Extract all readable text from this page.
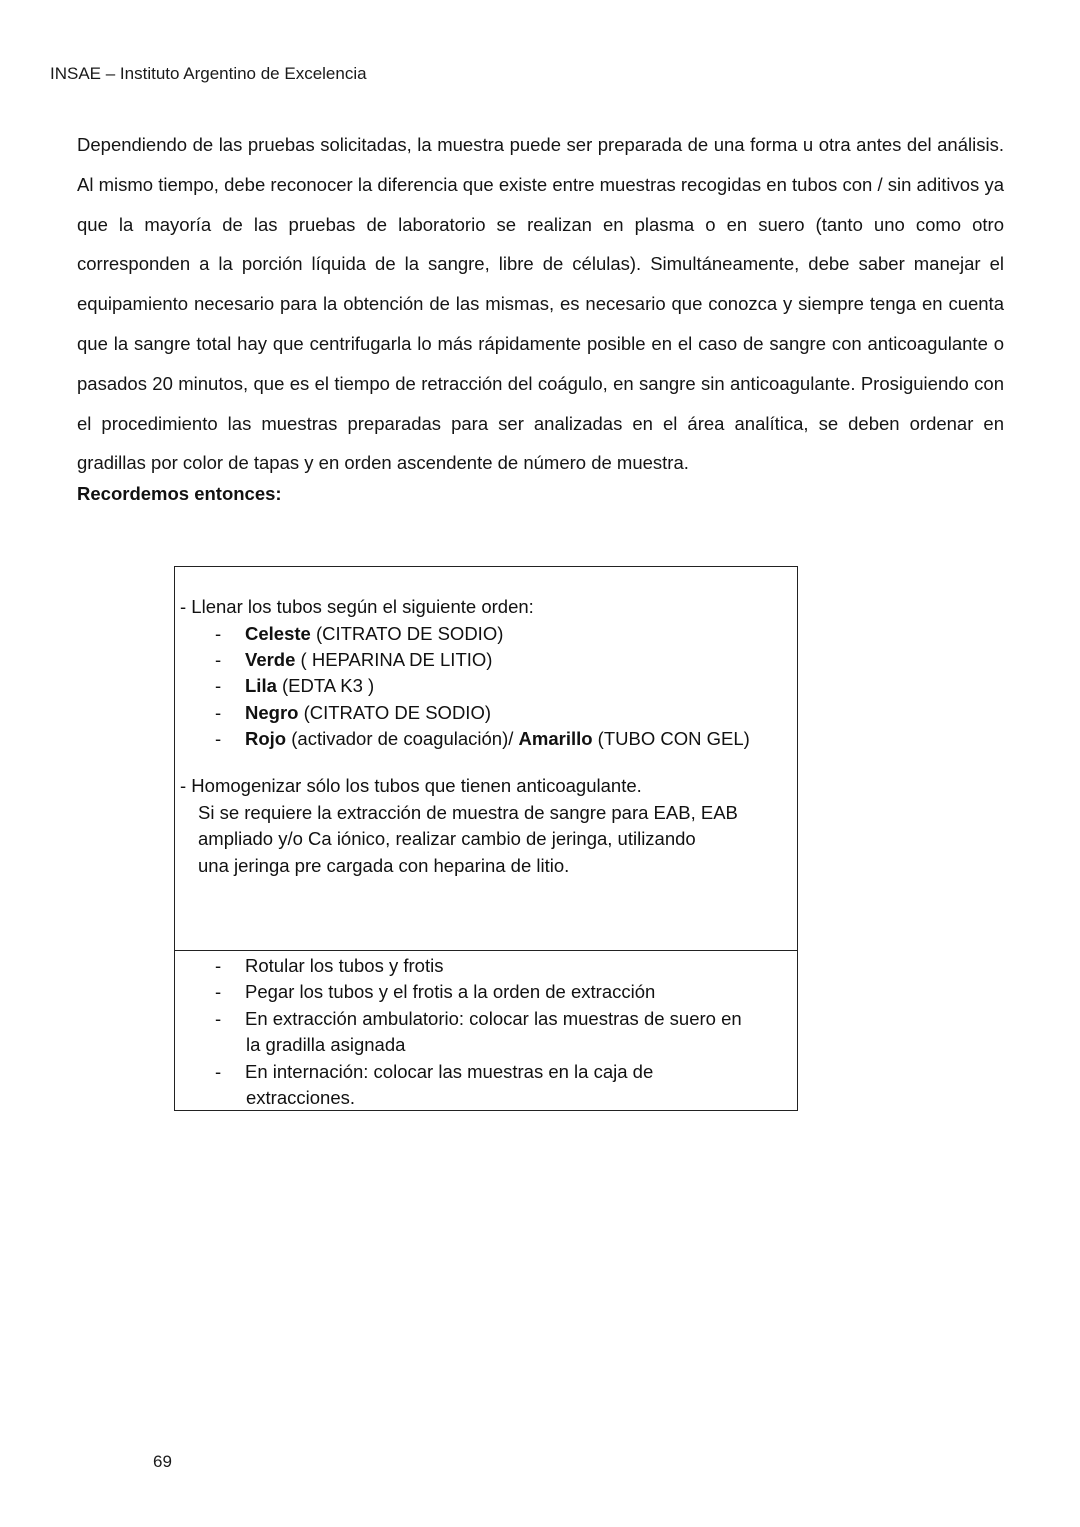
INSAE – Instituto Argentino de Excelencia

Dependiendo de las pruebas solicitadas, la muestra puede ser preparada de una forma u otra antes del análisis. Al mismo tiempo, debe reconocer la diferencia que existe entre muestras recogidas en tubos con / sin aditivos ya que la mayoría de las pruebas de laboratorio se realizan en plasma o en suero (tanto uno como otro corresponden a la porción líquida de la sangre, libre de células). Simultáneamente, debe saber manejar el equipamiento necesario para la obtención de las mismas, es necesario que conozca y siempre tenga en cuenta que la sangre total hay que centrifugarla lo más rápidamente posible en el caso de sangre con anticoagulante o pasados 20 minutos, que es el tiempo de retracción del coágulo, en sangre sin anticoagulante. Prosiguiendo con el procedimiento las muestras preparadas para ser analizadas en el área analítica, se deben ordenar en gradillas por color de tapas y en orden ascendente de número de muestra.

Recordemos entonces:
- Llenar los tubos según el siguiente orden:
- Celeste (CITRATO DE SODIO)
- Verde ( HEPARINA DE LITIO)
- Lila (EDTA K3 )
- Negro (CITRATO DE SODIO)
- Rojo (activador de coagulación)/ Amarillo (TUBO CON GEL)
- Homogenizar sólo los tubos que tienen anticoagulante.
Si se requiere la extracción de muestra de sangre para EAB, EAB
ampliado y/o Ca iónico, realizar cambio de jeringa, utilizando
una jeringa pre cargada con heparina de litio.
- Rotular los tubos y frotis
- Pegar los tubos y el frotis a la orden de extracción
- En extracción ambulatorio: colocar las muestras de suero en
la gradilla asignada
- En internación: colocar las muestras en la caja de
extracciones.
69
